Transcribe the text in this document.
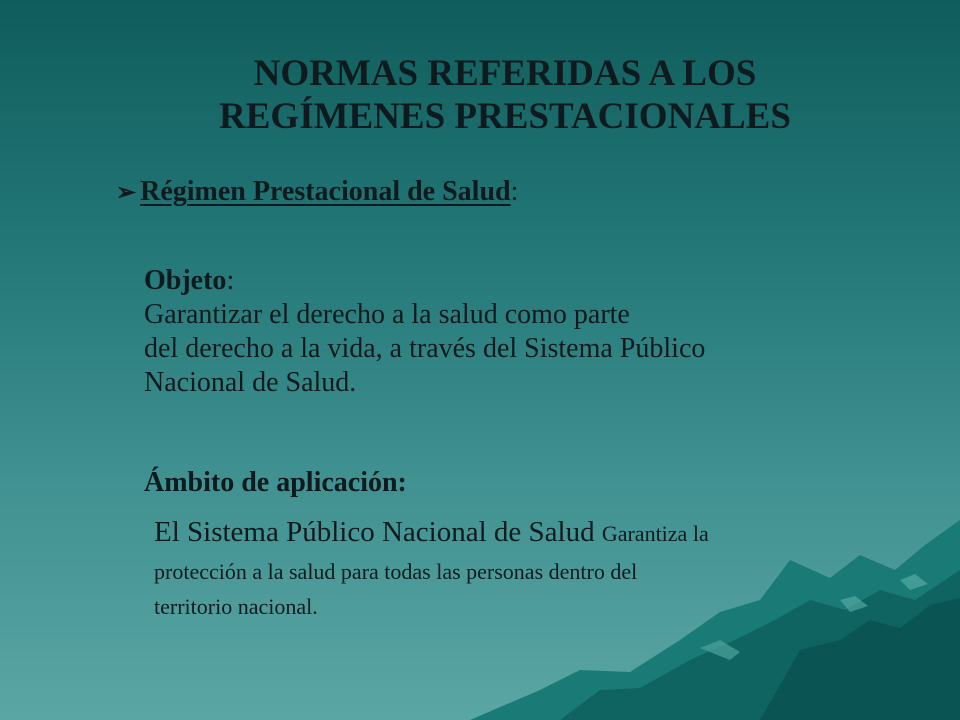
NORMAS REFERIDAS A LOS
REGÍMENES PRESTACIONALES
➢ Régimen Prestacional de Salud:
Objeto:
Garantizar el derecho a la salud como parte
del derecho a la vida, a través del Sistema Público
Nacional de Salud.
Ámbito de aplicación:
El Sistema Público Nacional de Salud Garantiza la
protección a la salud para todas las personas dentro del
territorio nacional.
